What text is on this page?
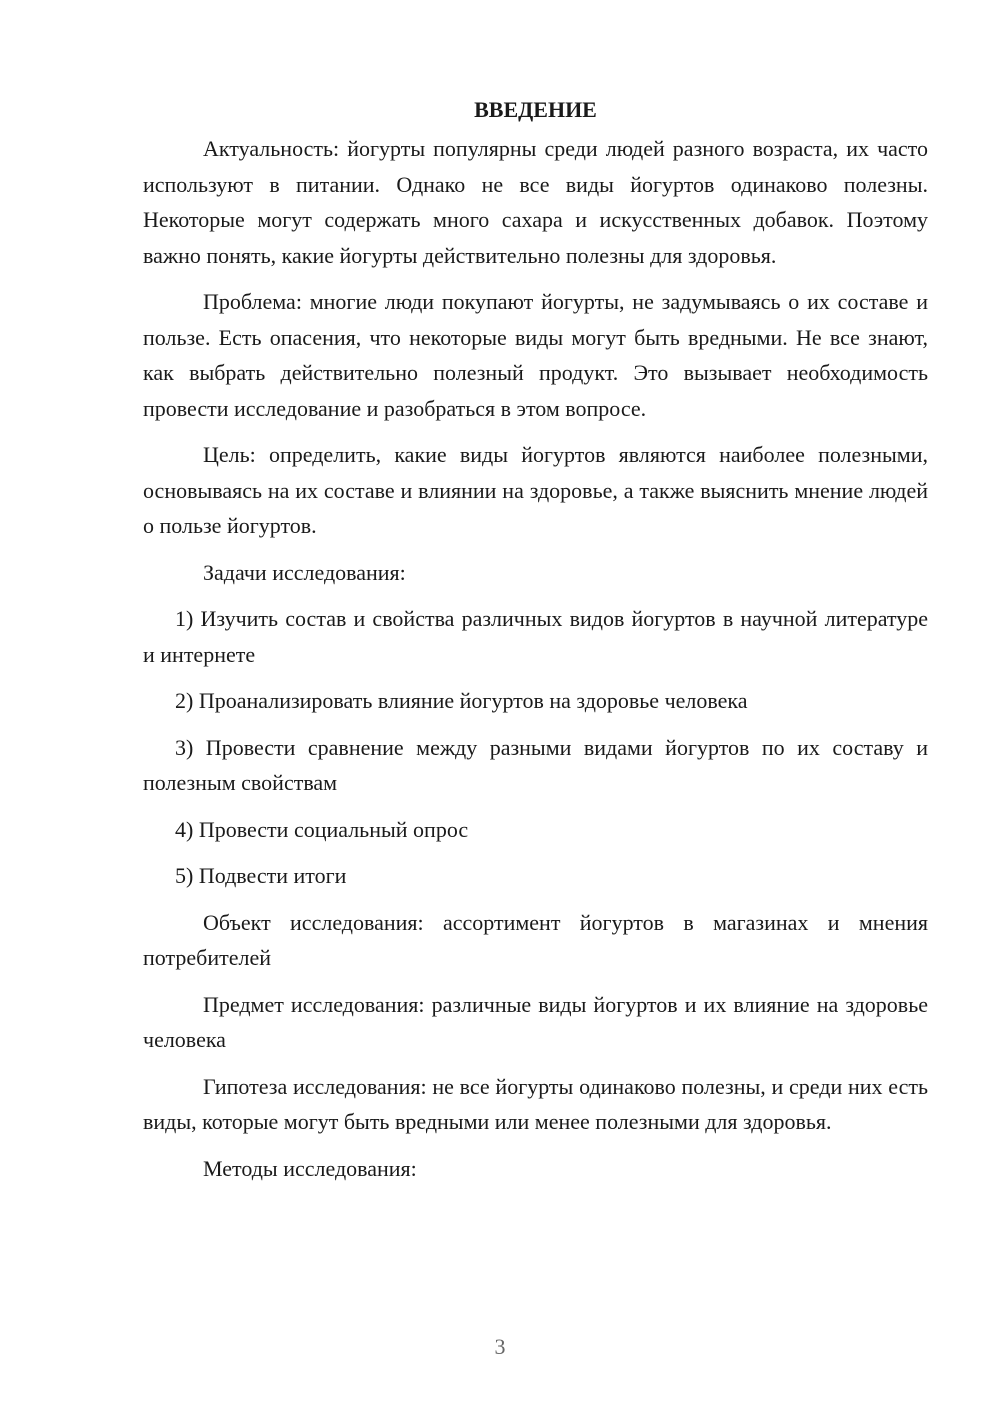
ВВЕДЕНИЕ

Актуальность: йогурты популярны среди людей разного возраста, их часто используют в питании. Однако не все виды йогуртов одинаково полезны. Некоторые могут содержать много сахара и искусственных добавок. Поэтому важно понять, какие йогурты действительно полезны для здоровья.

Проблема: многие люди покупают йогурты, не задумываясь о их составе и пользе. Есть опасения, что некоторые виды могут быть вредными. Не все знают, как выбрать действительно полезный продукт. Это вызывает необходимость провести исследование и разобраться в этом вопросе.

Цель: определить, какие виды йогуртов являются наиболее полезными, основываясь на их составе и влиянии на здоровье, а также выяснить мнение людей о пользе йогуртов.

Задачи исследования:

1) Изучить состав и свойства различных видов йогуртов в научной литературе и интернете

2) Проанализировать влияние йогуртов на здоровье человека

3) Провести сравнение между разными видами йогуртов по их составу и полезным свойствам

4) Провести социальный опрос

5) Подвести итоги

Объект исследования: ассортимент йогуртов в магазинах и мнения потребителей

Предмет исследования: различные виды йогуртов и их влияние на здоровье человека

Гипотеза исследования: не все йогурты одинаково полезны, и среди них есть виды, которые могут быть вредными или менее полезными для здоровья.

Методы исследования:

3
